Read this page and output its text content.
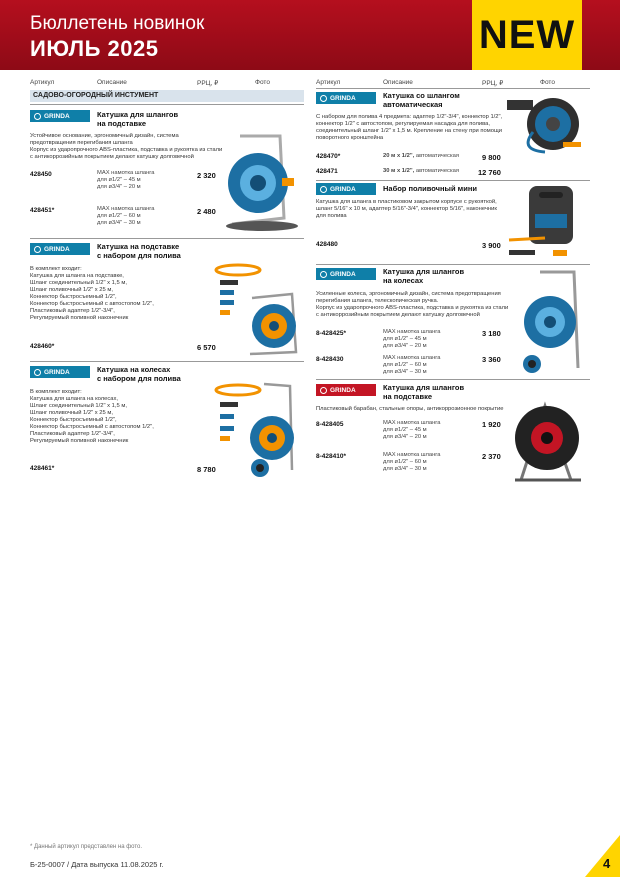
Бюллетень новинок
ИЮЛЬ 2025	NEW
Артикул	Описание	РРЦ, ₽	Фото	Артикул	Описание	РРЦ, ₽	Фото
САДОВО-ОГОРОДНЫЙ ИНСТУМЕНТ
GRINDA	Катушка для шлангов
на подставке
Устойчивое основание, эргономичный дизайн, система
предотвращения перегибания шланга
Корпус из ударопрочного ABS-пластика, подставка и рукоятка из стали
с антикоррозийным покрытием делают катушку долговечной
428450	MAX намотка шланга
для ø1/2" – 45 м
для ø3/4" – 20 м
2 320
428451*	MAX намотка шланга
для ø1/2" – 60 м
для ø3/4" – 30 м
2 480
GRINDA	Катушка на подставке
с набором для полива
В комплект входит:
Катушка для шланга на подставке,
Шланг соединительный 1/2" х 1,5 м,
Шланг поливочный 1/2" х 25 м,
Коннектор быстросъемный 1/2",
Коннектор быстросъемный с автостопом 1/2",
Пластиковый адаптер 1/2"-3/4",
Регулируемый поливной наконечник
428460*	6 570
GRINDA	Катушка на колесах
с набором для полива
В комплект входит:
Катушка для шланга на колесах,
Шланг соединительный 1/2" х 1,5 м,
Шланг поливочный 1/2" х 25 м,
Коннектор быстросъемный 1/2",
Коннектор быстросъемный с автостопом 1/2",
Пластиковый адаптер 1/2"-3/4",
Регулируемый поливной наконечник
428461*	8 780
GRINDA	Катушка со шлангом
автоматическая
С набором для полива 4 предмета: адаптер 1/2"-3/4", коннектор 1/2",
коннектор 1/2" с автостопом, регулируемая насадка для полива,
соединительный шланг 1/2" х 1,5 м. Крепление на стену при помощи
поворотного кронштейна
428470*	20 м х 1/2", автоматическая	9 800
428471	30 м х 1/2", автоматическая	12 760
GRINDA	Набор поливочный мини
Катушка для шланга в пластиковом закрытом корпусе с рукояткой,
шланг 5/16" х 10 м, адаптер 5/16"-3/4", коннектор 5/16", наконечник
для полива
428480	3 900
GRINDA	Катушка для шлангов
на колесах
Усиленные колеса, эргономичный дизайн, система предотвращения
перегибания шланга, телескопическая ручка.
Корпус из ударопрочного ABS-пластика, подставка и рукоятка из стали
с антикоррозийным покрытием делают катушку долговечной
8-428425*	MAX намотка шланга
для ø1/2" – 45 м
для ø3/4" – 20 м
3 180
8-428430	MAX намотка шланга
для ø1/2" – 60 м
для ø3/4" – 30 м
3 360
GRINDA	Катушка для шлангов
на подставке
Пластиковый барабан, стальные опоры, антикоррозионное покрытие
8-428405	MAX намотка шланга
для ø1/2" – 45 м
для ø3/4" – 20 м
1 920
8-428410*	MAX намотка шланга
для ø1/2" – 60 м
для ø3/4" – 30 м
2 370
* Данный артикул представлен на фото.
Б-25-0007 / Дата выпуска 11.08.2025 г.	4
